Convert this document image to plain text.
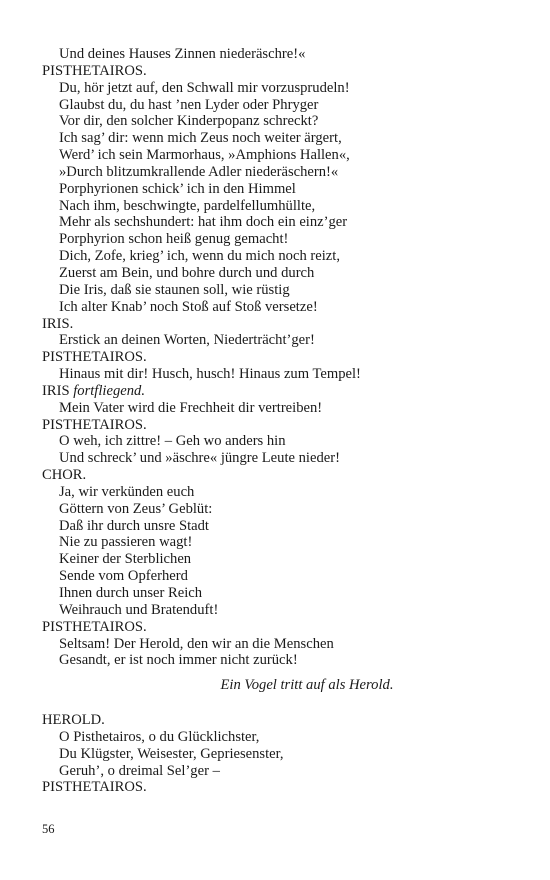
Und deines Hauses Zinnen niederäschre!«
PISTHETAIROS.
Du, hör jetzt auf, den Schwall mir vorzusprudeln!
Glaubst du, du hast ’nen Lyder oder Phryger
Vor dir, den solcher Kinderpopanz schreckt?
Ich sag’ dir: wenn mich Zeus noch weiter ärgert,
Werd’ ich sein Marmorhaus, »Amphions Hallen«,
»Durch blitzumkrallende Adler niederäschern!«
Porphyrionen schick’ ich in den Himmel
Nach ihm, beschwingte, pardelfellumhüllte,
Mehr als sechshundert: hat ihm doch ein einz’ger
Porphyrion schon heiß genug gemacht!
Dich, Zofe, krieg’ ich, wenn du mich noch reizt,
Zuerst am Bein, und bohre durch und durch
Die Iris, daß sie staunen soll, wie rüstig
Ich alter Knab’ noch Stoß auf Stoß versetze!
IRIS.
Erstick an deinen Worten, Niederträcht’ger!
PISTHETAIROS.
Hinaus mit dir! Husch, husch! Hinaus zum Tempel!
IRIS fortfliegend.
Mein Vater wird die Frechheit dir vertreiben!
PISTHETAIROS.
O weh, ich zittre! – Geh wo anders hin
Und schreck’ und »äschre« jüngre Leute nieder!
CHOR.
Ja, wir verkünden euch
Göttern von Zeus’ Geblüt:
Daß ihr durch unsre Stadt
Nie zu passieren wagt!
Keiner der Sterblichen
Sende vom Opferherd
Ihnen durch unser Reich
Weihrauch und Bratenduft!
PISTHETAIROS.
Seltsam! Der Herold, den wir an die Menschen
Gesandt, er ist noch immer nicht zurück!
Ein Vogel tritt auf als Herold.
HEROLD.
O Pisthetairos, o du Glücklichster,
Du Klügster, Weisester, Gepriesenster,
Geruh’, o dreimal Sel’ger –
PISTHETAIROS.
56
